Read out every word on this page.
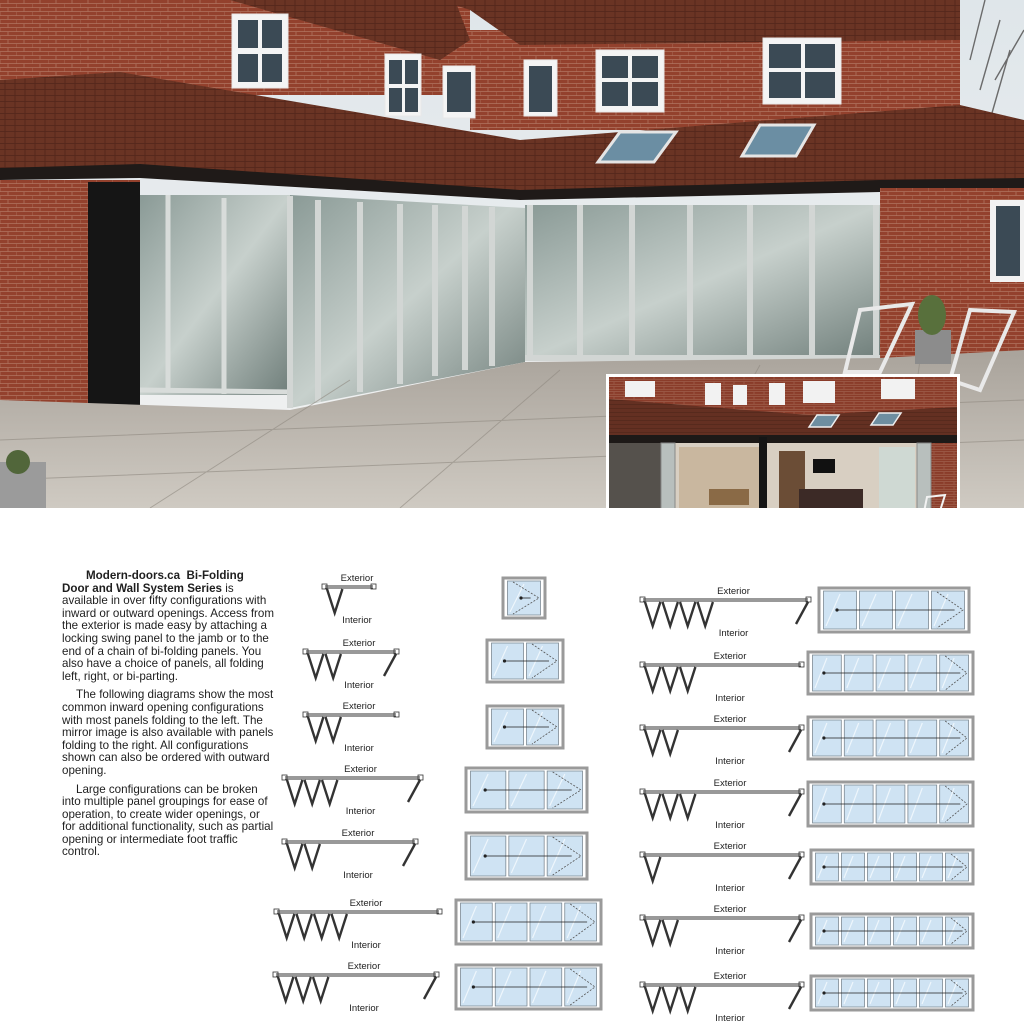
Modern-doors.ca Bi-Folding Door and Wall System Series is available in over fifty configurations with inward or outward openings. Access from the exterior is made easy by attaching a locking swing panel to the jamb or to the end of a chain of bi-folding panels. You also have a choice of panels, all folding left, right, or bi-parting.

The following diagrams show the most common inward opening configurations with most panels folding to the left. The mirror image is also available with panels folding to the right. All configurations shown can also be ordered with outward opening.

Large configurations can be broken into multiple panel groupings for ease of operation, to create wider openings, or for additional functionality, such as partial opening or intermediate foot traffic control.

Exterior
Interior
Exterior
Interior
Exterior
Interior
Exterior
Interior
Exterior
Interior
Exterior
Interior
Exterior
Interior
Exterior
Interior
Exterior
Interior
Exterior
Interior
Exterior
Interior
Exterior
Interior
Exterior
Interior
Exterior
Interior
